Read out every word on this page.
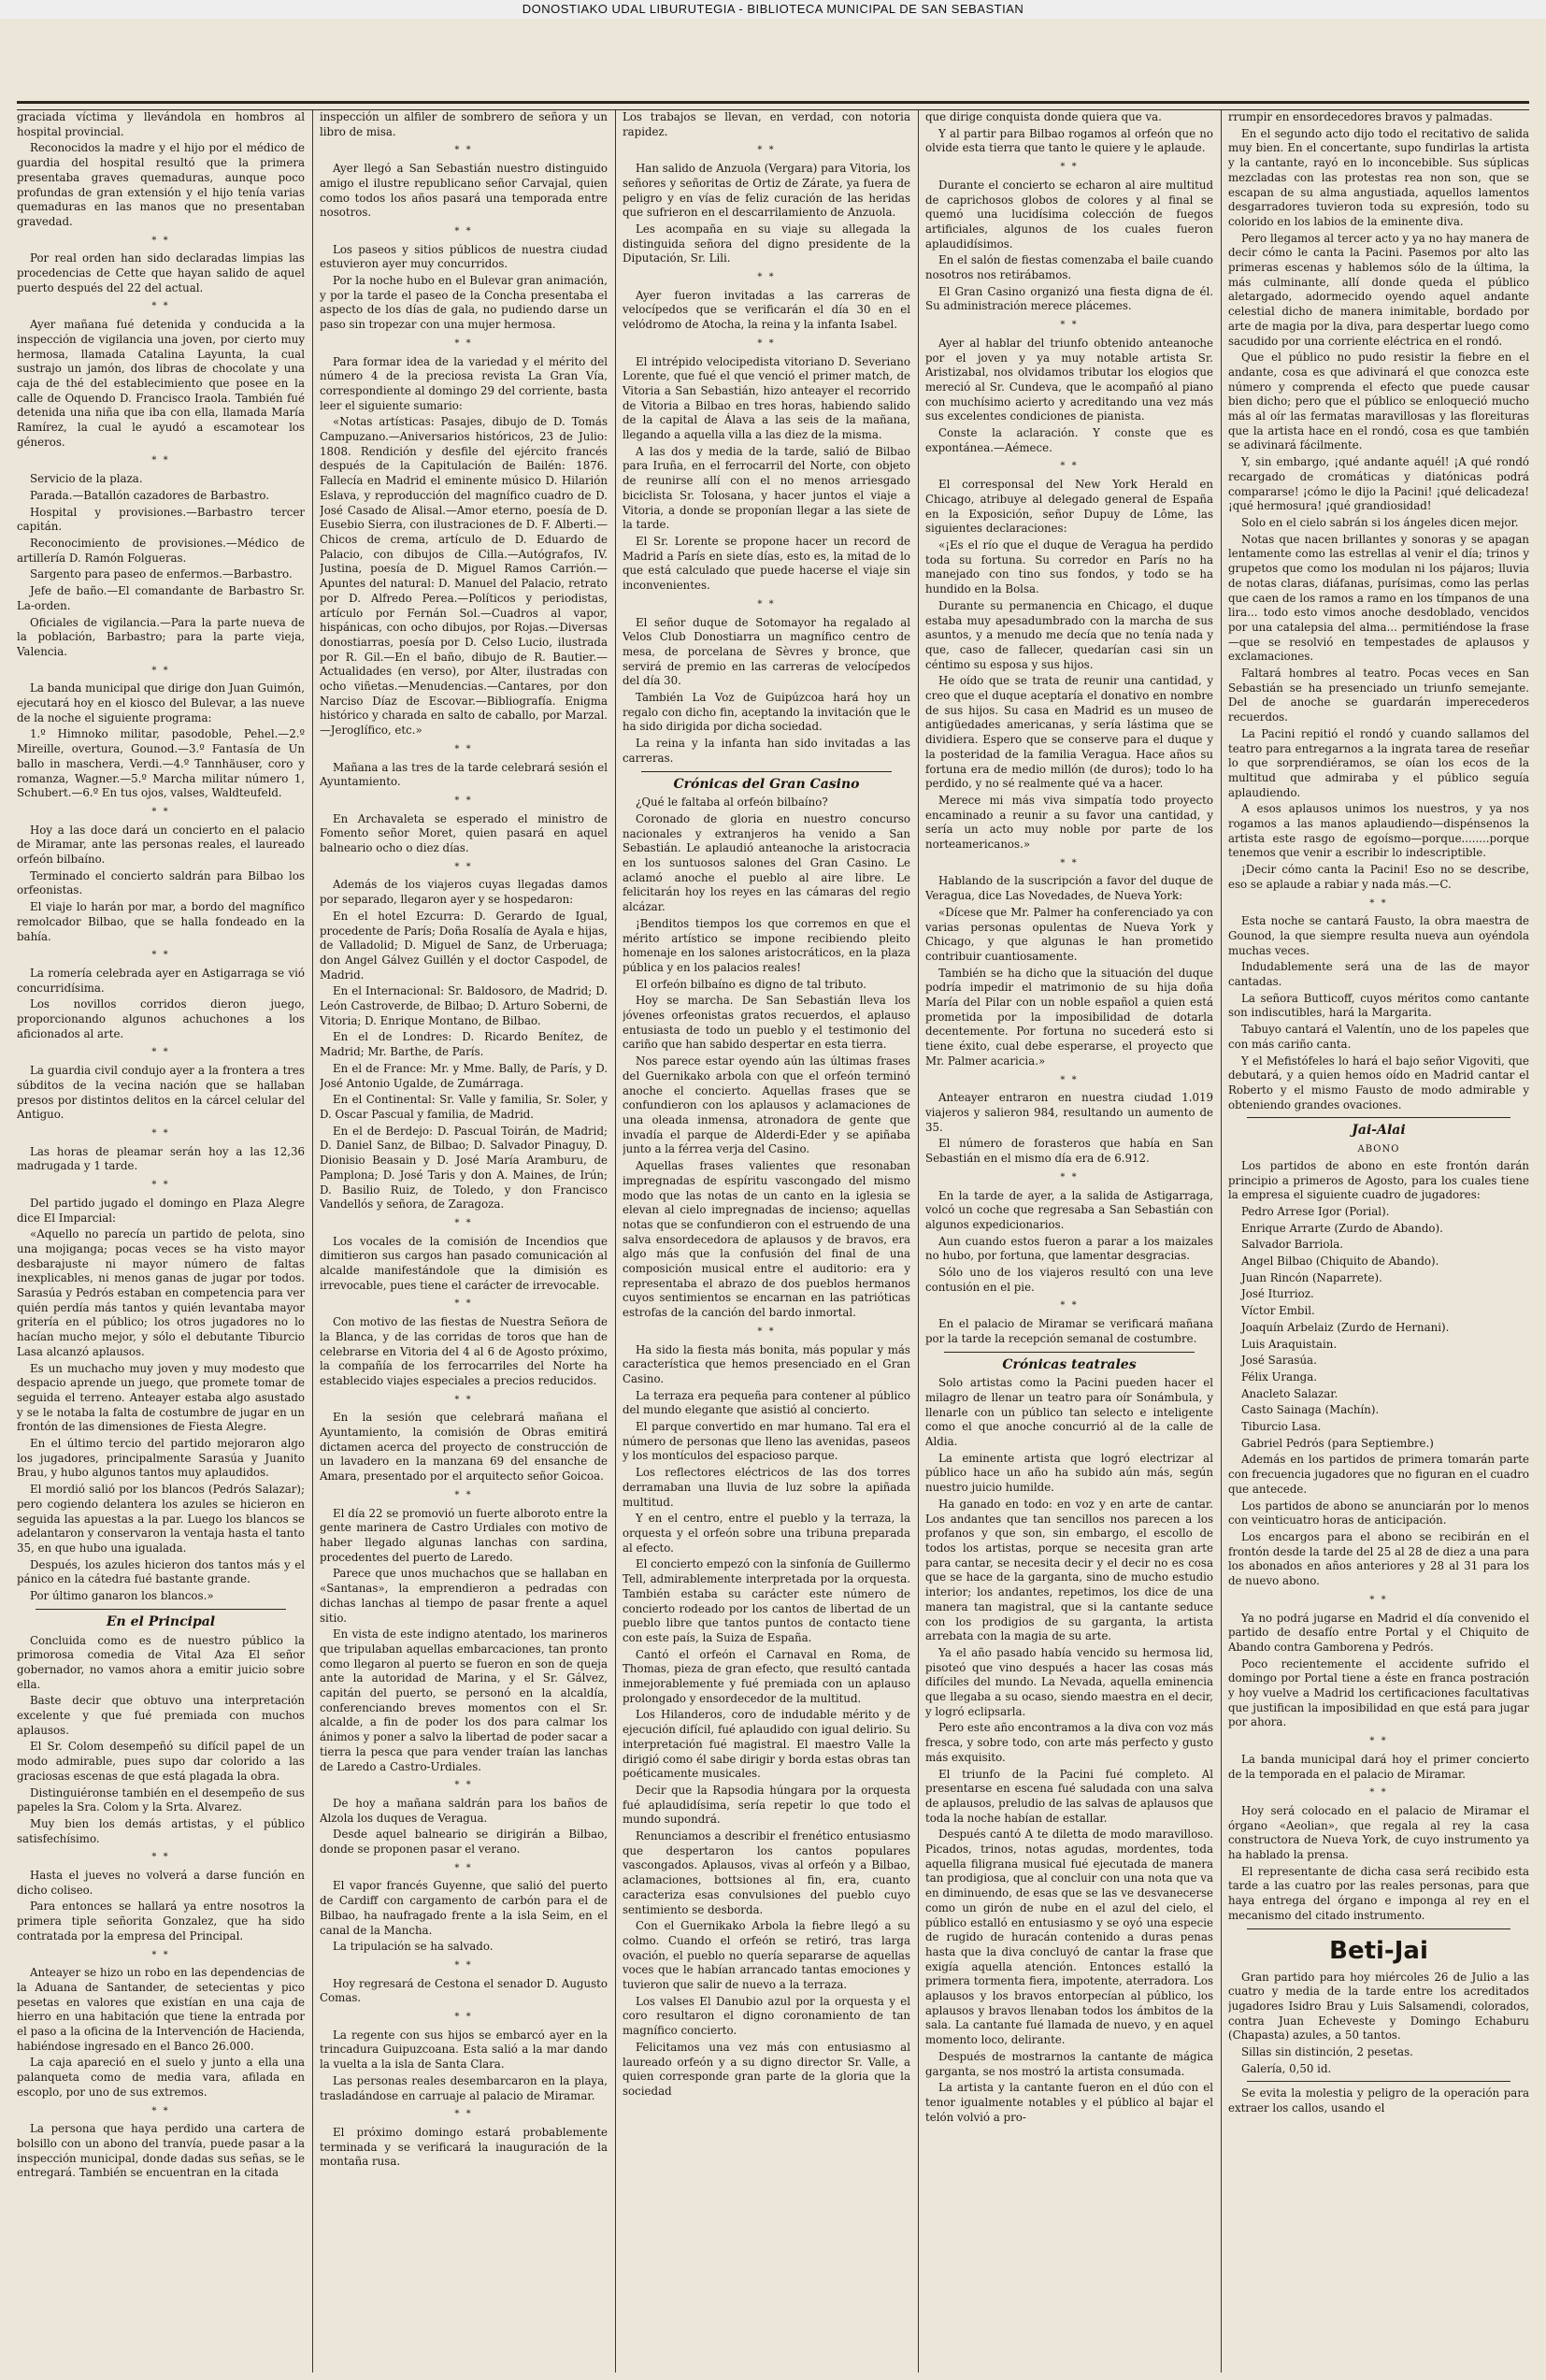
DONOSTIAKO UDAL LIBURUTEGIA - BIBLIOTECA MUNICIPAL DE SAN SEBASTIAN

graciada víctima y llevándola en hombros al hospital provincial.

Reconocidos la madre y el hijo por el médico de guardia del hospital resultó que la primera presentaba graves quemaduras, aunque poco profundas de gran extensión y el hijo tenía varias quemaduras en las manos que no presentaban gravedad.

* *

Por real orden han sido declaradas limpias las procedencias de Cette que hayan salido de aquel puerto después del 22 del actual.

* *

Ayer mañana fué detenida y conducida a la inspección de vigilancia una joven, por cierto muy hermosa, llamada Catalina Layunta, la cual sustrajo un jamón, dos libras de chocolate y una caja de thé del establecimiento que posee en la calle de Oquendo D. Francisco Iraola. También fué detenida una niña que iba con ella, llamada María Ramírez, la cual le ayudó a escamotear los géneros.

* *

Servicio de la plaza.

Parada.—Batallón cazadores de Barbastro.

Hospital y provisiones.—Barbastro tercer capitán.

Reconocimiento de provisiones.—Médico de artillería D. Ramón Folgueras.

Sargento para paseo de enfermos.—Barbastro.

Jefe de baño.—El comandante de Barbastro Sr. La-orden.

Oficiales de vigilancia.—Para la parte nueva de la población, Barbastro; para la parte vieja, Valencia.

* *

La banda municipal que dirige don Juan Guimón, ejecutará hoy en el kiosco del Bulevar, a las nueve de la noche el siguiente programa:

1.º Himnoko militar, pasodoble, Pehel.—2.º Mireille, overtura, Gounod.—3.º Fantasía de Un ballo in maschera, Verdi.—4.º Tannhäuser, coro y romanza, Wagner.—5.º Marcha militar número 1, Schubert.—6.º En tus ojos, valses, Waldteufeld.

* *

Hoy a las doce dará un concierto en el palacio de Miramar, ante las personas reales, el laureado orfeón bilbaíno.

Terminado el concierto saldrán para Bilbao los orfeonistas.

El viaje lo harán por mar, a bordo del magnífico remolcador Bilbao, que se halla fondeado en la bahía.

* *

La romería celebrada ayer en Astigarraga se vió concurridísima.

Los novillos corridos dieron juego, proporcionando algunos achuchones a los aficionados al arte.

* *

La guardia civil condujo ayer a la frontera a tres súbditos de la vecina nación que se hallaban presos por distintos delitos en la cárcel celular del Antiguo.

* *

Las horas de pleamar serán hoy a las 12,36 madrugada y 1 tarde.

* *

Del partido jugado el domingo en Plaza Alegre dice El Imparcial:

«Aquello no parecía un partido de pelota, sino una mojiganga; pocas veces se ha visto mayor desbarajuste ni mayor número de faltas inexplicables, ni menos ganas de jugar por todos. Sarasúa y Pedrós estaban en competencia para ver quién perdía más tantos y quién levantaba mayor gritería en el público; los otros jugadores no lo hacían mucho mejor, y sólo el debutante Tiburcio Lasa alcanzó aplausos.

Es un muchacho muy joven y muy modesto que despacio aprende un juego, que promete tomar de seguida el terreno. Anteayer estaba algo asustado y se le notaba la falta de costumbre de jugar en un frontón de las dimensiones de Fiesta Alegre.

En el último tercio del partido mejoraron algo los jugadores, principalmente Sarasúa y Juanito Brau, y hubo algunos tantos muy aplaudidos.

El mordió salió por los blancos (Pedrós Salazar); pero cogiendo delantera los azules se hicieron en seguida las apuestas a la par. Luego los blancos se adelantaron y conservaron la ventaja hasta el tanto 35, en que hubo una igualada.

Después, los azules hicieron dos tantos más y el pánico en la cátedra fué bastante grande.

Por último ganaron los blancos.»

En el Principal

Concluida como es de nuestro público la primorosa comedia de Vital Aza El señor gobernador, no vamos ahora a emitir juicio sobre ella.

Baste decir que obtuvo una interpretación excelente y que fué premiada con muchos aplausos.

El Sr. Colom desempeñó su difícil papel de un modo admirable, pues supo dar colorido a las graciosas escenas de que está plagada la obra.

Distinguiéronse también en el desempeño de sus papeles la Sra. Colom y la Srta. Alvarez.

Muy bien los demás artistas, y el público satisfechísimo.

* *

Hasta el jueves no volverá a darse función en dicho coliseo.

Para entonces se hallará ya entre nosotros la primera tiple señorita Gonzalez, que ha sido contratada por la empresa del Principal.

* *

Anteayer se hizo un robo en las dependencias de la Aduana de Santander, de setecientas y pico pesetas en valores que existían en una caja de hierro en una habitación que tiene la entrada por el paso a la oficina de la Intervención de Hacienda, habiéndose ingresado en el Banco 26.000.

La caja apareció en el suelo y junto a ella una palanqueta como de media vara, afilada en escoplo, por uno de sus extremos.

* *

La persona que haya perdido una cartera de bolsillo con un abono del tranvía, puede pasar a la inspección municipal, donde dadas sus señas, se le entregará. También se encuentran en la citada

inspección un alfiler de sombrero de señora y un libro de misa.

* *

Ayer llegó a San Sebastián nuestro distinguido amigo el ilustre republicano señor Carvajal, quien como todos los años pasará una temporada entre nosotros.

* *

Los paseos y sitios públicos de nuestra ciudad estuvieron ayer muy concurridos.

Por la noche hubo en el Bulevar gran animación, y por la tarde el paseo de la Concha presentaba el aspecto de los días de gala, no pudiendo darse un paso sin tropezar con una mujer hermosa.

* *

Para formar idea de la variedad y el mérito del número 4 de la preciosa revista La Gran Vía, correspondiente al domingo 29 del corriente, basta leer el siguiente sumario:

«Notas artísticas: Pasajes, dibujo de D. Tomás Campuzano.—Aniversarios históricos, 23 de Julio: 1808. Rendición y desfile del ejército francés después de la Capitulación de Bailén: 1876. Fallecía en Madrid el eminente músico D. Hilarión Eslava, y reproducción del magnífico cuadro de D. José Casado de Alisal.—Amor eterno, poesía de D. Eusebio Sierra, con ilustraciones de D. F. Alberti.—Chicos de crema, artículo de D. Eduardo de Palacio, con dibujos de Cilla.—Autógrafos, IV. Justina, poesía de D. Miguel Ramos Carrión.—Apuntes del natural: D. Manuel del Palacio, retrato por D. Alfredo Perea.—Políticos y periodistas, artículo por Fernán Sol.—Cuadros al vapor, hispánicas, con ocho dibujos, por Rojas.—Diversas donostiarras, poesía por D. Celso Lucio, ilustrada por R. Gil.—En el baño, dibujo de R. Bautier.—Actualidades (en verso), por Alter, ilustradas con ocho viñetas.—Menudencias.—Cantares, por don Narciso Díaz de Escovar.—Bibliografía. Enigma histórico y charada en salto de caballo, por Marzal.—Jeroglífico, etc.»

* *

Mañana a las tres de la tarde celebrará sesión el Ayuntamiento.

* *

En Archavaleta se esperado el ministro de Fomento señor Moret, quien pasará en aquel balneario ocho o diez días.

* *

Además de los viajeros cuyas llegadas damos por separado, llegaron ayer y se hospedaron:

En el hotel Ezcurra: D. Gerardo de Igual, procedente de París; Doña Rosalía de Ayala e hijas, de Valladolid; D. Miguel de Sanz, de Urberuaga; don Angel Gálvez Guillén y el doctor Caspodel, de Madrid.

En el Internacional: Sr. Baldosoro, de Madrid; D. León Castroverde, de Bilbao; D. Arturo Soberni, de Vitoria; D. Enrique Montano, de Bilbao.

En el de Londres: D. Ricardo Benítez, de Madrid; Mr. Barthe, de París.

En el de France: Mr. y Mme. Bally, de París, y D. José Antonio Ugalde, de Zumárraga.

En el Continental: Sr. Valle y familia, Sr. Soler, y D. Oscar Pascual y familia, de Madrid.

En el de Berdejo: D. Pascual Toirán, de Madrid; D. Daniel Sanz, de Bilbao; D. Salvador Pinaguy, D. Dionisio Beasain y D. José María Aramburu, de Pamplona; D. José Taris y don A. Maines, de Irún; D. Basilio Ruiz, de Toledo, y don Francisco Vandellós y señora, de Zaragoza.

* *

Los vocales de la comisión de Incendios que dimitieron sus cargos han pasado comunicación al alcalde manifestándole que la dimisión es irrevocable, pues tiene el carácter de irrevocable.

* *

Con motivo de las fiestas de Nuestra Señora de la Blanca, y de las corridas de toros que han de celebrarse en Vitoria del 4 al 6 de Agosto próximo, la compañía de los ferrocarriles del Norte ha establecido viajes especiales a precios reducidos.

* *

En la sesión que celebrará mañana el Ayuntamiento, la comisión de Obras emitirá dictamen acerca del proyecto de construcción de un lavadero en la manzana 69 del ensanche de Amara, presentado por el arquitecto señor Goicoa.

* *

El día 22 se promovió un fuerte alboroto entre la gente marinera de Castro Urdiales con motivo de haber llegado algunas lanchas con sardina, procedentes del puerto de Laredo.

Parece que unos muchachos que se hallaban en «Santanas», la emprendieron a pedradas con dichas lanchas al tiempo de pasar frente a aquel sitio.

En vista de este indigno atentado, los marineros que tripulaban aquellas embarcaciones, tan pronto como llegaron al puerto se fueron en son de queja ante la autoridad de Marina, y el Sr. Gálvez, capitán del puerto, se personó en la alcaldía, conferenciando breves momentos con el Sr. alcalde, a fin de poder los dos para calmar los ánimos y poner a salvo la libertad de poder sacar a tierra la pesca que para vender traían las lanchas de Laredo a Castro-Urdiales.

* *

De hoy a mañana saldrán para los baños de Alzola los duques de Veragua.

Desde aquel balneario se dirigirán a Bilbao, donde se proponen pasar el verano.

* *

El vapor francés Guyenne, que salió del puerto de Cardiff con cargamento de carbón para el de Bilbao, ha naufragado frente a la isla Seim, en el canal de la Mancha.

La tripulación se ha salvado.

* *

Hoy regresará de Cestona el senador D. Augusto Comas.

* *

La regente con sus hijos se embarcó ayer en la trincadura Guipuzcoana. Esta salió a la mar dando la vuelta a la isla de Santa Clara.

Las personas reales desembarcaron en la playa, trasladándose en carruaje al palacio de Miramar.

* *

El próximo domingo estará probablemente terminada y se verificará la inauguración de la montaña rusa.

Los trabajos se llevan, en verdad, con notoria rapidez.

* *

Han salido de Anzuola (Vergara) para Vitoria, los señores y señoritas de Ortiz de Zárate, ya fuera de peligro y en vías de feliz curación de las heridas que sufrieron en el descarrilamiento de Anzuola.

Les acompaña en su viaje su allegada la distinguida señora del digno presidente de la Diputación, Sr. Lili.

* *

Ayer fueron invitadas a las carreras de velocípedos que se verificarán el día 30 en el velódromo de Atocha, la reina y la infanta Isabel.

* *

El intrépido velocipedista vitoriano D. Severiano Lorente, que fué el que venció el primer match, de Vitoria a San Sebastián, hizo anteayer el recorrido de Vitoria a Bilbao en tres horas, habiendo salido de la capital de Álava a las seis de la mañana, llegando a aquella villa a las diez de la misma.

A las dos y media de la tarde, salió de Bilbao para Iruña, en el ferrocarril del Norte, con objeto de reunirse allí con el no menos arriesgado biciclista Sr. Tolosana, y hacer juntos el viaje a Vitoria, a donde se proponían llegar a las siete de la tarde.

El Sr. Lorente se propone hacer un record de Madrid a París en siete días, esto es, la mitad de lo que está calculado que puede hacerse el viaje sin inconvenientes.

* *

El señor duque de Sotomayor ha regalado al Velos Club Donostiarra un magnífico centro de mesa, de porcelana de Sèvres y bronce, que servirá de premio en las carreras de velocípedos del día 30.

También La Voz de Guipúzcoa hará hoy un regalo con dicho fin, aceptando la invitación que le ha sido dirigida por dicha sociedad.

La reina y la infanta han sido invitadas a las carreras.

Crónicas del Gran Casino

¿Qué le faltaba al orfeón bilbaíno?

Coronado de gloria en nuestro concurso nacionales y extranjeros ha venido a San Sebastián. Le aplaudió anteanoche la aristocracia en los suntuosos salones del Gran Casino. Le aclamó anoche el pueblo al aire libre. Le felicitarán hoy los reyes en las cámaras del regio alcázar.

¡Benditos tiempos los que corremos en que el mérito artístico se impone recibiendo pleito homenaje en los salones aristocráticos, en la plaza pública y en los palacios reales!

El orfeón bilbaíno es digno de tal tributo.

Hoy se marcha. De San Sebastián lleva los jóvenes orfeonistas gratos recuerdos, el aplauso entusiasta de todo un pueblo y el testimonio del cariño que han sabido despertar en esta tierra.

Nos parece estar oyendo aún las últimas frases del Guernikako arbola con que el orfeón terminó anoche el concierto. Aquellas frases que se confundieron con los aplausos y aclamaciones de una oleada inmensa, atronadora de gente que invadía el parque de Alderdi-Eder y se apiñaba junto a la férrea verja del Casino.

Aquellas frases valientes que resonaban impregnadas de espíritu vascongado del mismo modo que las notas de un canto en la iglesia se elevan al cielo impregnadas de incienso; aquellas notas que se confundieron con el estruendo de una salva ensordecedora de aplausos y de bravos, era algo más que la confusión del final de una composición musical entre el auditorio: era y representaba el abrazo de dos pueblos hermanos cuyos sentimientos se encarnan en las patrióticas estrofas de la canción del bardo inmortal.

* *

Ha sido la fiesta más bonita, más popular y más característica que hemos presenciado en el Gran Casino.

La terraza era pequeña para contener al público del mundo elegante que asistió al concierto.

El parque convertido en mar humano. Tal era el número de personas que lleno las avenidas, paseos y los montículos del espacioso parque.

Los reflectores eléctricos de las dos torres derramaban una lluvia de luz sobre la apiñada multitud.

Y en el centro, entre el pueblo y la terraza, la orquesta y el orfeón sobre una tribuna preparada al efecto.

El concierto empezó con la sinfonía de Guillermo Tell, admirablemente interpretada por la orquesta. También estaba su carácter este número de concierto rodeado por los cantos de libertad de un pueblo libre que tantos puntos de contacto tiene con este país, la Suiza de España.

Cantó el orfeón el Carnaval en Roma, de Thomas, pieza de gran efecto, que resultó cantada inmejorablemente y fué premiada con un aplauso prolongado y ensordecedor de la multitud.

Los Hilanderos, coro de indudable mérito y de ejecución difícil, fué aplaudido con igual delirio. Su interpretación fué magistral. El maestro Valle la dirigió como él sabe dirigir y borda estas obras tan poéticamente musicales.

Decir que la Rapsodia húngara por la orquesta fué aplaudidísima, sería repetir lo que todo el mundo supondrá.

Renunciamos a describir el frenético entusiasmo que despertaron los cantos populares vascongados. Aplausos, vivas al orfeón y a Bilbao, aclamaciones, bottsiones al fin, era, cuanto caracteriza esas convulsiones del pueblo cuyo sentimiento se desborda.

Con el Guernikako Arbola la fiebre llegó a su colmo. Cuando el orfeón se retiró, tras larga ovación, el pueblo no quería separarse de aquellas voces que le habían arrancado tantas emociones y tuvieron que salir de nuevo a la terraza.

Los valses El Danubio azul por la orquesta y el coro resultaron el digno coronamiento de tan magnífico concierto.

Felicitamos una vez más con entusiasmo al laureado orfeón y a su digno director Sr. Valle, a quien corresponde gran parte de la gloria que la sociedad

que dirige conquista donde quiera que va.

Y al partir para Bilbao rogamos al orfeón que no olvide esta tierra que tanto le quiere y le aplaude.

* *

Durante el concierto se echaron al aire multitud de caprichosos globos de colores y al final se quemó una lucidísima colección de fuegos artificiales, algunos de los cuales fueron aplaudidísimos.

En el salón de fiestas comenzaba el baile cuando nosotros nos retirábamos.

El Gran Casino organizó una fiesta digna de él. Su administración merece plácemes.

* *

Ayer al hablar del triunfo obtenido anteanoche por el joven y ya muy notable artista Sr. Aristizabal, nos olvidamos tributar los elogios que mereció al Sr. Cundeva, que le acompañó al piano con muchísimo acierto y acreditando una vez más sus excelentes condiciones de pianista.

Conste la aclaración. Y conste que es expontánea.—Aémece.

* *

El corresponsal del New York Herald en Chicago, atribuye al delegado general de España en la Exposición, señor Dupuy de Lôme, las siguientes declaraciones:

«¡Es el río que el duque de Veragua ha perdido toda su fortuna. Su corredor en París no ha manejado con tino sus fondos, y todo se ha hundido en la Bolsa.

Durante su permanencia en Chicago, el duque estaba muy apesadumbrado con la marcha de sus asuntos, y a menudo me decía que no tenía nada y que, caso de fallecer, quedarían casi sin un céntimo su esposa y sus hijos.

He oído que se trata de reunir una cantidad, y creo que el duque aceptaría el donativo en nombre de sus hijos. Su casa en Madrid es un museo de antigüedades americanas, y sería lástima que se dividiera. Espero que se conserve para el duque y la posteridad de la familia Veragua. Hace años su fortuna era de medio millón (de duros); todo lo ha perdido, y no sé realmente qué va a hacer.

Merece mi más viva simpatía todo proyecto encaminado a reunir a su favor una cantidad, y sería un acto muy noble por parte de los norteamericanos.»

* *

Hablando de la suscripción a favor del duque de Veragua, dice Las Novedades, de Nueva York:

«Dícese que Mr. Palmer ha conferenciado ya con varias personas opulentas de Nueva York y Chicago, y que algunas le han prometido contribuir cuantiosamente.

También se ha dicho que la situación del duque podría impedir el matrimonio de su hija doña María del Pilar con un noble español a quien está prometida por la imposibilidad de dotarla decentemente. Por fortuna no sucederá esto si tiene éxito, cual debe esperarse, el proyecto que Mr. Palmer acaricia.»

* *

Anteayer entraron en nuestra ciudad 1.019 viajeros y salieron 984, resultando un aumento de 35.

El número de forasteros que había en San Sebastián en el mismo día era de 6.912.

* *

En la tarde de ayer, a la salida de Astigarraga, volcó un coche que regresaba a San Sebastián con algunos expedicionarios.

Aun cuando estos fueron a parar a los maizales no hubo, por fortuna, que lamentar desgracias.

Sólo uno de los viajeros resultó con una leve contusión en el pie.

* *

En el palacio de Miramar se verificará mañana por la tarde la recepción semanal de costumbre.

Crónicas teatrales

Solo artistas como la Pacini pueden hacer el milagro de llenar un teatro para oír Sonámbula, y llenarle con un público tan selecto e inteligente como el que anoche concurrió al de la calle de Aldia.

La eminente artista que logró electrizar al público hace un año ha subido aún más, según nuestro juicio humilde.

Ha ganado en todo: en voz y en arte de cantar. Los andantes que tan sencillos nos parecen a los profanos y que son, sin embargo, el escollo de todos los artistas, porque se necesita gran arte para cantar, se necesita decir y el decir no es cosa que se hace de la garganta, sino de mucho estudio interior; los andantes, repetimos, los dice de una manera tan magistral, que si la cantante seduce con los prodigios de su garganta, la artista arrebata con la magia de su arte.

Ya el año pasado había vencido su hermosa lid, pisoteó que vino después a hacer las cosas más difíciles del mundo. La Nevada, aquella eminencia que llegaba a su ocaso, siendo maestra en el decir, y logró eclipsarla.

Pero este año encontramos a la diva con voz más fresca, y sobre todo, con arte más perfecto y gusto más exquisito.

El triunfo de la Pacini fué completo. Al presentarse en escena fué saludada con una salva de aplausos, preludio de las salvas de aplausos que toda la noche habían de estallar.

Después cantó A te diletta de modo maravilloso. Picados, trinos, notas agudas, mordentes, toda aquella filigrana musical fué ejecutada de manera tan prodigiosa, que al concluir con una nota que va en diminuendo, de esas que se las ve desvanecerse como un girón de nube en el azul del cielo, el público estalló en entusiasmo y se oyó una especie de rugido de huracán contenido a duras penas hasta que la diva concluyó de cantar la frase que exigía aquella atención. Entonces estalló la primera tormenta fiera, impotente, aterradora. Los aplausos y los bravos entorpecían al público, los aplausos y bravos llenaban todos los ámbitos de la sala. La cantante fué llamada de nuevo, y en aquel momento loco, delirante.

Después de mostrarnos la cantante de mágica garganta, se nos mostró la artista consumada.

La artista y la cantante fueron en el dúo con el tenor igualmente notables y el público al bajar el telón volvió a pro-

rrumpir en ensordecedores bravos y palmadas.

En el segundo acto dijo todo el recitativo de salida muy bien. En el concertante, supo fundirlas la artista y la cantante, rayó en lo inconcebible. Sus súplicas mezcladas con las protestas rea non son, que se escapan de su alma angustiada, aquellos lamentos desgarradores tuvieron toda su expresión, todo su colorido en los labios de la eminente diva.

Pero llegamos al tercer acto y ya no hay manera de decir cómo le canta la Pacini. Pasemos por alto las primeras escenas y hablemos sólo de la última, la más culminante, allí donde queda el público aletargado, adormecido oyendo aquel andante celestial dicho de manera inimitable, bordado por arte de magia por la diva, para despertar luego como sacudido por una corriente eléctrica en el rondó.

Que el público no pudo resistir la fiebre en el andante, cosa es que adivinará el que conozca este número y comprenda el efecto que puede causar bien dicho; pero que el público se enloqueció mucho más al oír las fermatas maravillosas y las floreituras que la artista hace en el rondó, cosa es que también se adivinará fácilmente.

Y, sin embargo, ¡qué andante aquél! ¡A qué rondó recargado de cromáticas y diatónicas podrá compararse! ¡cómo le dijo la Pacini! ¡qué delicadeza! ¡qué hermosura! ¡qué grandiosidad!

Solo en el cielo sabrán si los ángeles dicen mejor.

Notas que nacen brillantes y sonoras y se apagan lentamente como las estrellas al venir el día; trinos y grupetos que como los modulan ni los pájaros; lluvia de notas claras, diáfanas, purísimas, como las perlas que caen de los ramos a ramo en los tímpanos de una lira... todo esto vimos anoche desdoblado, vencidos por una catalepsia del alma... permitiéndose la frase—que se resolvió en tempestades de aplausos y exclamaciones.

Faltará hombres al teatro. Pocas veces en San Sebastián se ha presenciado un triunfo semejante. Del de anoche se guardarán imperecederos recuerdos.

La Pacini repitió el rondó y cuando sallamos del teatro para entregarnos a la ingrata tarea de reseñar lo que sorprendiéramos, se oían los ecos de la multitud que admiraba y el público seguía aplaudiendo.

A esos aplausos unimos los nuestros, y ya nos rogamos a las manos aplaudiendo—dispénsenos la artista este rasgo de egoísmo—porque........porque tenemos que venir a escribir lo indescriptible.

¡Decir cómo canta la Pacini! Eso no se describe, eso se aplaude a rabiar y nada más.—C.

* *

Esta noche se cantará Fausto, la obra maestra de Gounod, la que siempre resulta nueva aun oyéndola muchas veces.

Indudablemente será una de las de mayor cantadas.

La señora Butticoff, cuyos méritos como cantante son indiscutibles, hará la Margarita.

Tabuyo cantará el Valentín, uno de los papeles que con más cariño canta.

Y el Mefistófeles lo hará el bajo señor Vigoviti, que debutará, y a quien hemos oído en Madrid cantar el Roberto y el mismo Fausto de modo admirable y obteniendo grandes ovaciones.

Jai-Alai
ABONO

Los partidos de abono en este frontón darán principio a primeros de Agosto, para los cuales tiene la empresa el siguiente cuadro de jugadores:

Pedro Arrese Igor (Porial).

Enrique Arrarte (Zurdo de Abando).

Salvador Barriola.

Angel Bilbao (Chiquito de Abando).

Juan Rincón (Naparrete).

José Iturrioz.

Víctor Embil.

Joaquín Arbelaiz (Zurdo de Hernani).

Luis Araquistain.

José Sarasúa.

Félix Uranga.

Anacleto Salazar.

Casto Sainaga (Machín).

Tiburcio Lasa.

Gabriel Pedrós (para Septiembre.)

Además en los partidos de primera tomarán parte con frecuencia jugadores que no figuran en el cuadro que antecede.

Los partidos de abono se anunciarán por lo menos con veinticuatro horas de anticipación.

Los encargos para el abono se recibirán en el frontón desde la tarde del 25 al 28 de diez a una para los abonados en años anteriores y 28 al 31 para los de nuevo abono.

* *

Ya no podrá jugarse en Madrid el día convenido el partido de desafío entre Portal y el Chiquito de Abando contra Gamborena y Pedrós.

Poco recientemente el accidente sufrido el domingo por Portal tiene a éste en franca postración y hoy vuelve a Madrid los certificaciones facultativas que justifican la imposibilidad en que está para jugar por ahora.

* *

La banda municipal dará hoy el primer concierto de la temporada en el palacio de Miramar.

* *

Hoy será colocado en el palacio de Miramar el órgano «Aeolian», que regala al rey la casa constructora de Nueva York, de cuyo instrumento ya ha hablado la prensa.

El representante de dicha casa será recibido esta tarde a las cuatro por las reales personas, para que haya entrega del órgano e imponga al rey en el mecanismo del citado instrumento.

Beti-Jai

Gran partido para hoy miércoles 26 de Julio a las cuatro y media de la tarde entre los acreditados jugadores Isidro Brau y Luis Salsamendi, colorados, contra Juan Echeveste y Domingo Echaburu (Chapasta) azules, a 50 tantos.

Sillas sin distinción, 2 pesetas.

Galería, 0,50 id.

Se evita la molestia y peligro de la operación para extraer los callos, usando el
